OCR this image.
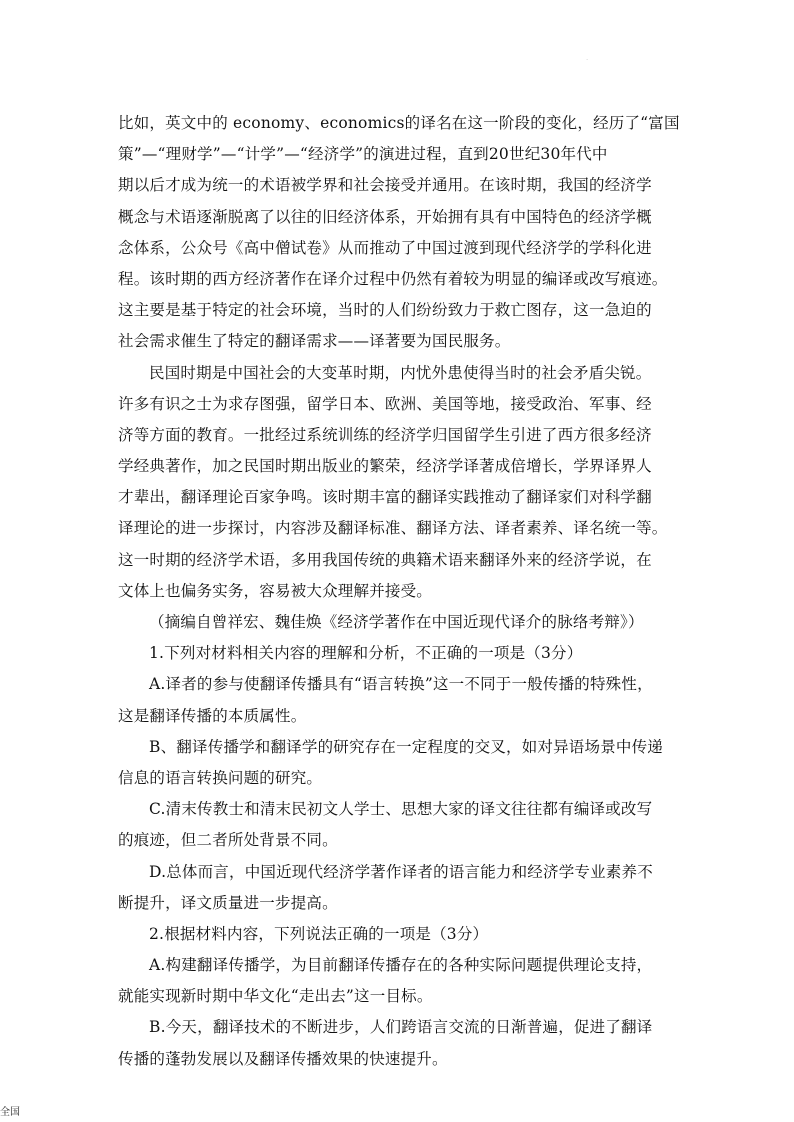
·
比如，英文中的 economy、economics的译名在这一阶段的变化，经历了“富国
策”—“理财学”—“计学”—“经济学”的演进过程，直到20世纪30年代中
期以后才成为统一的术语被学界和社会接受并通用。在该时期，我国的经济学
概念与术语逐渐脱离了以往的旧经济体系，开始拥有具有中国特色的经济学概
念体系，公众号《高中僧试卷》从而推动了中国过渡到现代经济学的学科化进
程。该时期的西方经济著作在译介过程中仍然有着较为明显的编译或改写痕迹。
这主要是基于特定的社会环境，当时的人们纷纷致力于救亡图存，这一急迫的
社会需求催生了特定的翻译需求——译著要为国民服务。
民国时期是中国社会的大变革时期，内忧外患使得当时的社会矛盾尖锐。
许多有识之士为求存图强，留学日本、欧洲、美国等地，接受政治、军事、经
济等方面的教育。一批经过系统训练的经济学归国留学生引进了西方很多经济
学经典著作，加之民国时期出版业的繁荣，经济学译著成倍增长，学界译界人
才辈出，翻译理论百家争鸣。该时期丰富的翻译实践推动了翻译家们对科学翻
译理论的进一步探讨，内容涉及翻译标准、翻译方法、译者素养、译名统一等。
这一时期的经济学术语，多用我国传统的典籍术语来翻译外来的经济学说，在
文体上也偏务实务，容易被大众理解并接受。
（摘编自曾祥宏、魏佳焕《经济学著作在中国近现代译介的脉络考辩》）
1.下列对材料相关内容的理解和分析，不正确的一项是（3分）
A.译者的参与使翻译传播具有“语言转换”这一不同于一般传播的特殊性，
这是翻译传播的本质属性。
B、翻译传播学和翻译学的研究存在一定程度的交叉，如对异语场景中传递
信息的语言转换问题的研究。
C.清末传教士和清末民初文人学士、思想大家的译文往往都有编译或改写
的痕迹，但二者所处背景不同。
D.总体而言，中国近现代经济学著作译者的语言能力和经济学专业素养不
断提升，译文质量进一步提高。
2.根据材料内容，下列说法正确的一项是（3分）
A.构建翻译传播学，为目前翻译传播存在的各种实际问题提供理论支持，
就能实现新时期中华文化“走出去”这一目标。
B.今天，翻译技术的不断进步，人们跨语言交流的日渐普遍，促进了翻译
传播的蓬勃发展以及翻译传播效果的快速提升。
全国
